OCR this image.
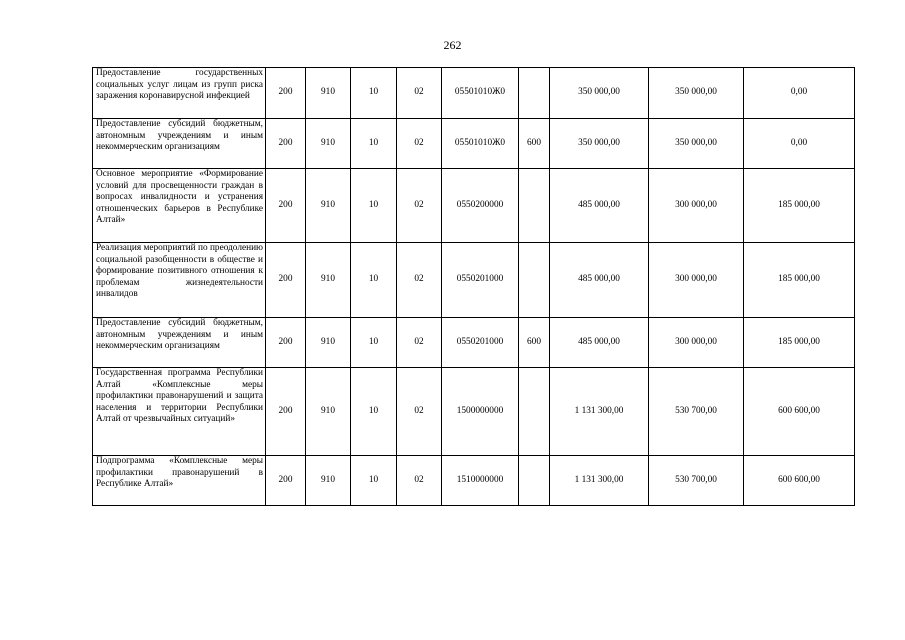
262
Предоставление государственных социальных услуг лицам из групп риска заражения коронавирусной инфекцией	200	910	10	02	05501010Ж0		350 000,00	350 000,00	0,00
Предоставление субсидий бюджетным, автономным учреждениям и иным некоммерческим организациям	200	910	10	02	05501010Ж0	600	350 000,00	350 000,00	0,00
Основное мероприятие «Формирование условий для просвещенности граждан в вопросах инвалидности и устранения отношенческих барьеров в Республике Алтай»	200	910	10	02	0550200000		485 000,00	300 000,00	185 000,00
Реализация мероприятий по преодолению социальной разобщенности в обществе и формирование позитивного отношения к проблемам жизнедеятельности инвалидов	200	910	10	02	0550201000		485 000,00	300 000,00	185 000,00
Предоставление субсидий бюджетным, автономным учреждениям и иным некоммерческим организациям	200	910	10	02	0550201000	600	485 000,00	300 000,00	185 000,00
Государственная программа Республики Алтай «Комплексные меры профилактики правонарушений и защита населения и территории Республики Алтай от чрезвычайных ситуаций»	200	910	10	02	1500000000		1 131 300,00	530 700,00	600 600,00
Подпрограмма «Комплексные меры профилактики правонарушений в Республике Алтай»	200	910	10	02	1510000000		1 131 300,00	530 700,00	600 600,00
